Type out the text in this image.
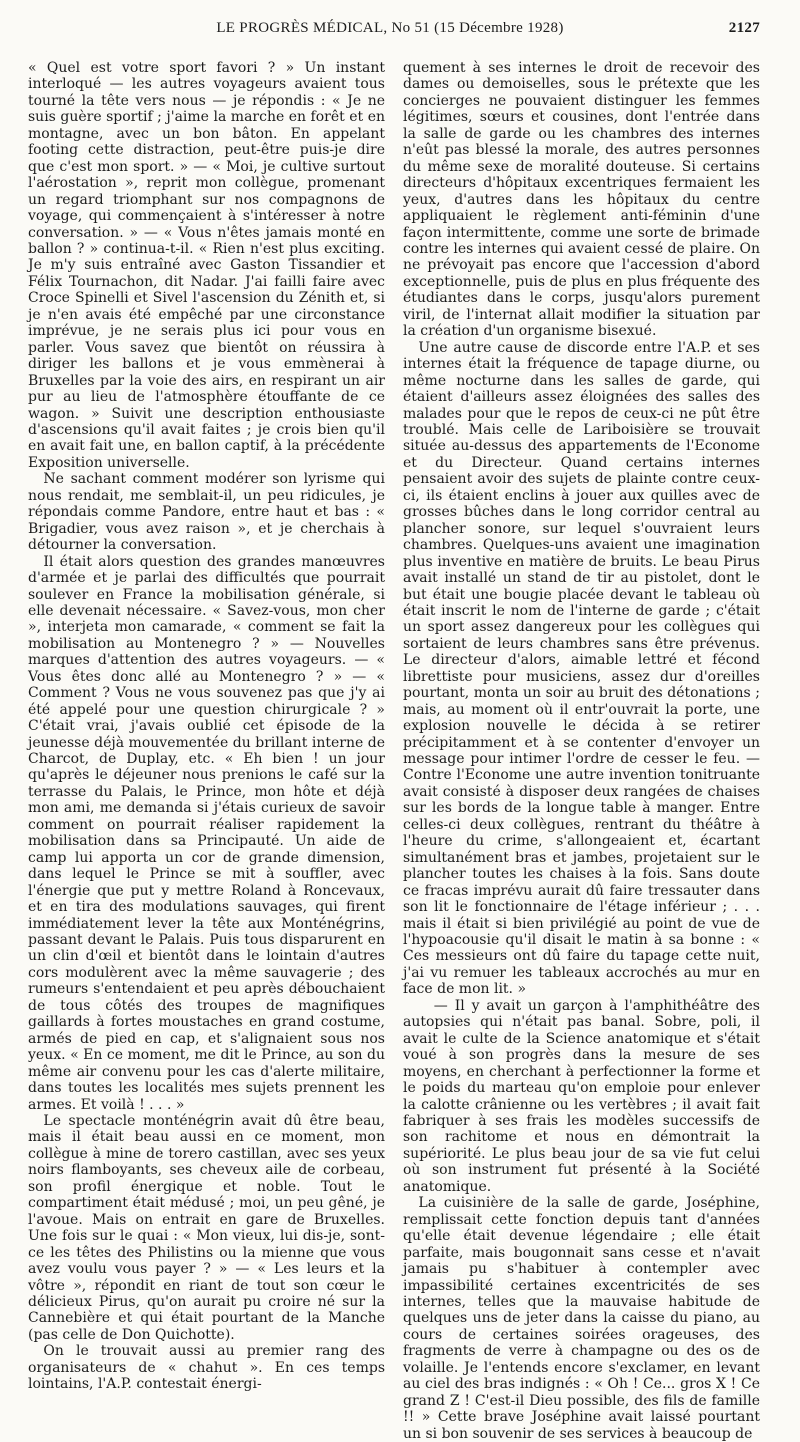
LE PROGRÈS MÉDICAL, No 51 (15 Décembre 1928)	2127

« Quel est votre sport favori ? » Un instant interloqué — les autres voyageurs avaient tous tourné la tête vers nous — je répondis : « Je ne suis guère sportif ; j'aime la marche en forêt et en montagne, avec un bon bâton. En appelant footing cette distraction, peut-être puis-je dire que c'est mon sport. » — « Moi, je cultive surtout l'aérostation », reprit mon collègue, promenant un regard triomphant sur nos compagnons de voyage, qui commençaient à s'intéresser à notre conversation. » — « Vous n'êtes jamais monté en ballon ? » continua-t-il. « Rien n'est plus exciting. Je m'y suis entraîné avec Gaston Tissandier et Félix Tournachon, dit Nadar. J'ai failli faire avec Croce Spinelli et Sivel l'ascension du Zénith et, si je n'en avais été empêché par une circonstance imprévue, je ne serais plus ici pour vous en parler. Vous savez que bientôt on réussira à diriger les ballons et je vous emmènerai à Bruxelles par la voie des airs, en respirant un air pur au lieu de l'atmosphère étouffante de ce wagon. » Suivit une description enthousiaste d'ascensions qu'il avait faites ; je crois bien qu'il en avait fait une, en ballon captif, à la précédente Exposition universelle.

Ne sachant comment modérer son lyrisme qui nous rendait, me semblait-il, un peu ridicules, je répondais comme Pandore, entre haut et bas : « Brigadier, vous avez raison », et je cherchais à détourner la conversation.

Il était alors question des grandes manœuvres d'armée et je parlai des difficultés que pourrait soulever en France la mobilisation générale, si elle devenait nécessaire. « Savez-vous, mon cher », interjeta mon camarade, « comment se fait la mobilisation au Montenegro ? » — Nouvelles marques d'attention des autres voyageurs. — « Vous êtes donc allé au Montenegro ? » — « Comment ? Vous ne vous souvenez pas que j'y ai été appelé pour une question chirurgicale ? » C'était vrai, j'avais oublié cet épisode de la jeunesse déjà mouvementée du brillant interne de Charcot, de Duplay, etc. « Eh bien ! un jour qu'après le déjeuner nous prenions le café sur la terrasse du Palais, le Prince, mon hôte et déjà mon ami, me demanda si j'étais curieux de savoir comment on pourrait réaliser rapidement la mobilisation dans sa Principauté. Un aide de camp lui apporta un cor de grande dimension, dans lequel le Prince se mit à souffler, avec l'énergie que put y mettre Roland à Roncevaux, et en tira des modulations sauvages, qui firent immédiatement lever la tête aux Monténégrins, passant devant le Palais. Puis tous disparurent en un clin d'œil et bientôt dans le lointain d'autres cors modulèrent avec la même sauvagerie ; des rumeurs s'entendaient et peu après débouchaient de tous côtés des troupes de magnifiques gaillards à fortes moustaches en grand costume, armés de pied en cap, et s'alignaient sous nos yeux. « En ce moment, me dit le Prince, au son du même air convenu pour les cas d'alerte militaire, dans toutes les localités mes sujets prennent les armes. Et voilà ! . . . »

Le spectacle monténégrin avait dû être beau, mais il était beau aussi en ce moment, mon collègue à mine de torero castillan, avec ses yeux noirs flamboyants, ses cheveux aile de corbeau, son profil énergique et noble. Tout le compartiment était médusé ; moi, un peu gêné, je l'avoue. Mais on entrait en gare de Bruxelles. Une fois sur le quai : « Mon vieux, lui dis-je, sont-ce les têtes des Philistins ou la mienne que vous avez voulu vous payer ? » — « Les leurs et la vôtre », répondit en riant de tout son cœur le délicieux Pirus, qu'on aurait pu croire né sur la Cannebière et qui était pourtant de la Manche (pas celle de Don Quichotte).

On le trouvait aussi au premier rang des organisateurs de « chahut ». En ces temps lointains, l'A.P. contestait énergi-

quement à ses internes le droit de recevoir des dames ou demoiselles, sous le prétexte que les concierges ne pouvaient distinguer les femmes légitimes, sœurs et cousines, dont l'entrée dans la salle de garde ou les chambres des internes n'eût pas blessé la morale, des autres personnes du même sexe de moralité douteuse. Si certains directeurs d'hôpitaux excentriques fermaient les yeux, d'autres dans les hôpitaux du centre appliquaient le règlement anti-féminin d'une façon intermittente, comme une sorte de brimade contre les internes qui avaient cessé de plaire. On ne prévoyait pas encore que l'accession d'abord exceptionnelle, puis de plus en plus fréquente des étudiantes dans le corps, jusqu'alors purement viril, de l'internat allait modifier la situation par la création d'un organisme bisexué.

Une autre cause de discorde entre l'A.P. et ses internes était la fréquence de tapage diurne, ou même nocturne dans les salles de garde, qui étaient d'ailleurs assez éloignées des salles des malades pour que le repos de ceux-ci ne pût être troublé. Mais celle de Lariboisière se trouvait située au-dessus des appartements de l'Econome et du Directeur. Quand certains internes pensaient avoir des sujets de plainte contre ceux-ci, ils étaient enclins à jouer aux quilles avec de grosses bûches dans le long corridor central au plancher sonore, sur lequel s'ouvraient leurs chambres. Quelques-uns avaient une imagination plus inventive en matière de bruits. Le beau Pirus avait installé un stand de tir au pistolet, dont le but était une bougie placée devant le tableau où était inscrit le nom de l'interne de garde ; c'était un sport assez dangereux pour les collègues qui sortaient de leurs chambres sans être prévenus. Le directeur d'alors, aimable lettré et fécond librettiste pour musiciens, assez dur d'oreilles pourtant, monta un soir au bruit des détonations ; mais, au moment où il entr'ouvrait la porte, une explosion nouvelle le décida à se retirer précipitamment et à se contenter d'envoyer un message pour intimer l'ordre de cesser le feu. — Contre l'Econome une autre invention tonitruante avait consisté à disposer deux rangées de chaises sur les bords de la longue table à manger. Entre celles-ci deux collègues, rentrant du théâtre à l'heure du crime, s'allongeaient et, écartant simultanément bras et jambes, projetaient sur le plancher toutes les chaises à la fois. Sans doute ce fracas imprévu aurait dû faire tressauter dans son lit le fonctionnaire de l'étage inférieur ; . . . mais il était si bien privilégié au point de vue de l'hypoacousie qu'il disait le matin à sa bonne : « Ces messieurs ont dû faire du tapage cette nuit, j'ai vu remuer les tableaux accrochés au mur en face de mon lit. »

— Il y avait un garçon à l'amphithéâtre des autopsies qui n'était pas banal. Sobre, poli, il avait le culte de la Science anatomique et s'était voué à son progrès dans la mesure de ses moyens, en cherchant à perfectionner la forme et le poids du marteau qu'on emploie pour enlever la calotte crânienne ou les vertèbres ; il avait fait fabriquer à ses frais les modèles successifs de son rachitome et nous en démontrait la supériorité. Le plus beau jour de sa vie fut celui où son instrument fut présenté à la Société anatomique.

La cuisinière de la salle de garde, Joséphine, remplissait cette fonction depuis tant d'années qu'elle était devenue légendaire ; elle était parfaite, mais bougonnait sans cesse et n'avait jamais pu s'habituer à contempler avec impassibilité certaines excentricités de ses internes, telles que la mauvaise habitude de quelques uns de jeter dans la caisse du piano, au cours de certaines soirées orageuses, des fragments de verre à champagne ou des os de volaille. Je l'entends encore s'exclamer, en levant au ciel des bras indignés : « Oh ! Ce... gros X ! Ce grand Z ! C'est-il Dieu possible, des fils de famille !! » Cette brave Joséphine avait laissé pourtant un si bon souvenir de ses services à beaucoup de
